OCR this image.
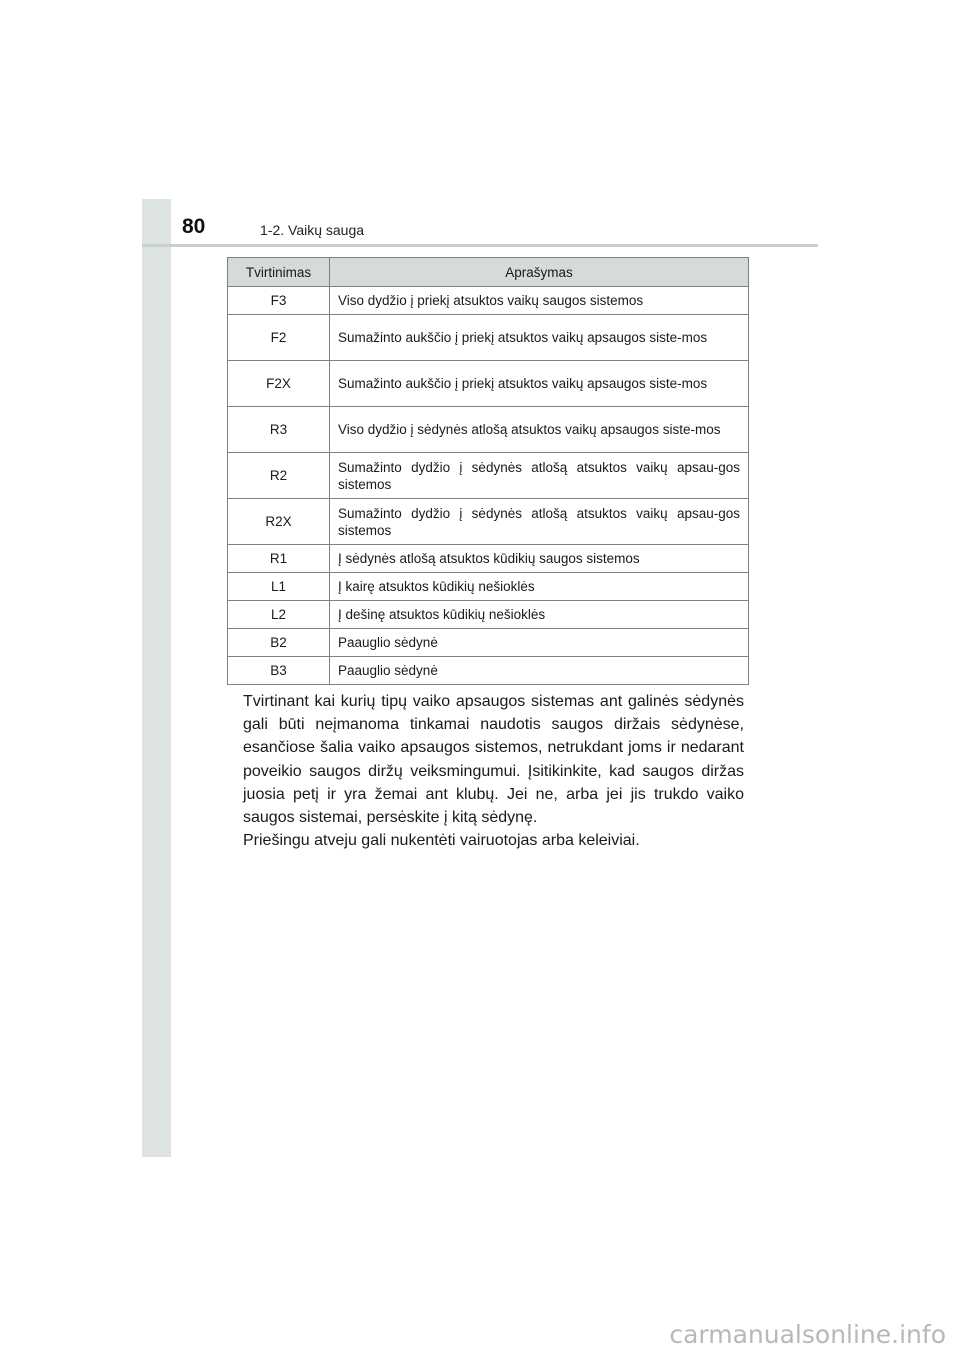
80	1-2. Vaikų sauga
Tvirtinimas	Aprašymas
F3	Viso dydžio į priekį atsuktos vaikų saugos sistemos
F2	Sumažinto aukščio į priekį atsuktos vaikų apsaugos siste-mos
F2X	Sumažinto aukščio į priekį atsuktos vaikų apsaugos siste-mos
R3	Viso dydžio į sėdynės atlošą atsuktos vaikų apsaugos siste-mos
R2	Sumažinto dydžio į sėdynės atlošą atsuktos vaikų apsau-gos sistemos
R2X	Sumažinto dydžio į sėdynės atlošą atsuktos vaikų apsau-gos sistemos
R1	Į sėdynės atlošą atsuktos kūdikių saugos sistemos
L1	Į kairę atsuktos kūdikių nešioklės
L2	Į dešinę atsuktos kūdikių nešioklės
B2	Paauglio sėdynė
B3	Paauglio sėdynė

Tvirtinant kai kurių tipų vaiko apsaugos sistemas ant galinės sėdynės gali būti neįmanoma tinkamai naudotis saugos diržais sėdynėse, esančiose šalia vaiko apsaugos sistemos, netrukdant joms ir nedarant poveikio saugos diržų veiksmingumui. Įsitikinkite, kad saugos diržas juosia petį ir yra žemai ant klubų. Jei ne, arba jei jis trukdo vaiko saugos sistemai, persėskite į kitą sėdynę.

Priešingu atveju gali nukentėti vairuotojas arba keleiviai.

carmanualsonline.info
